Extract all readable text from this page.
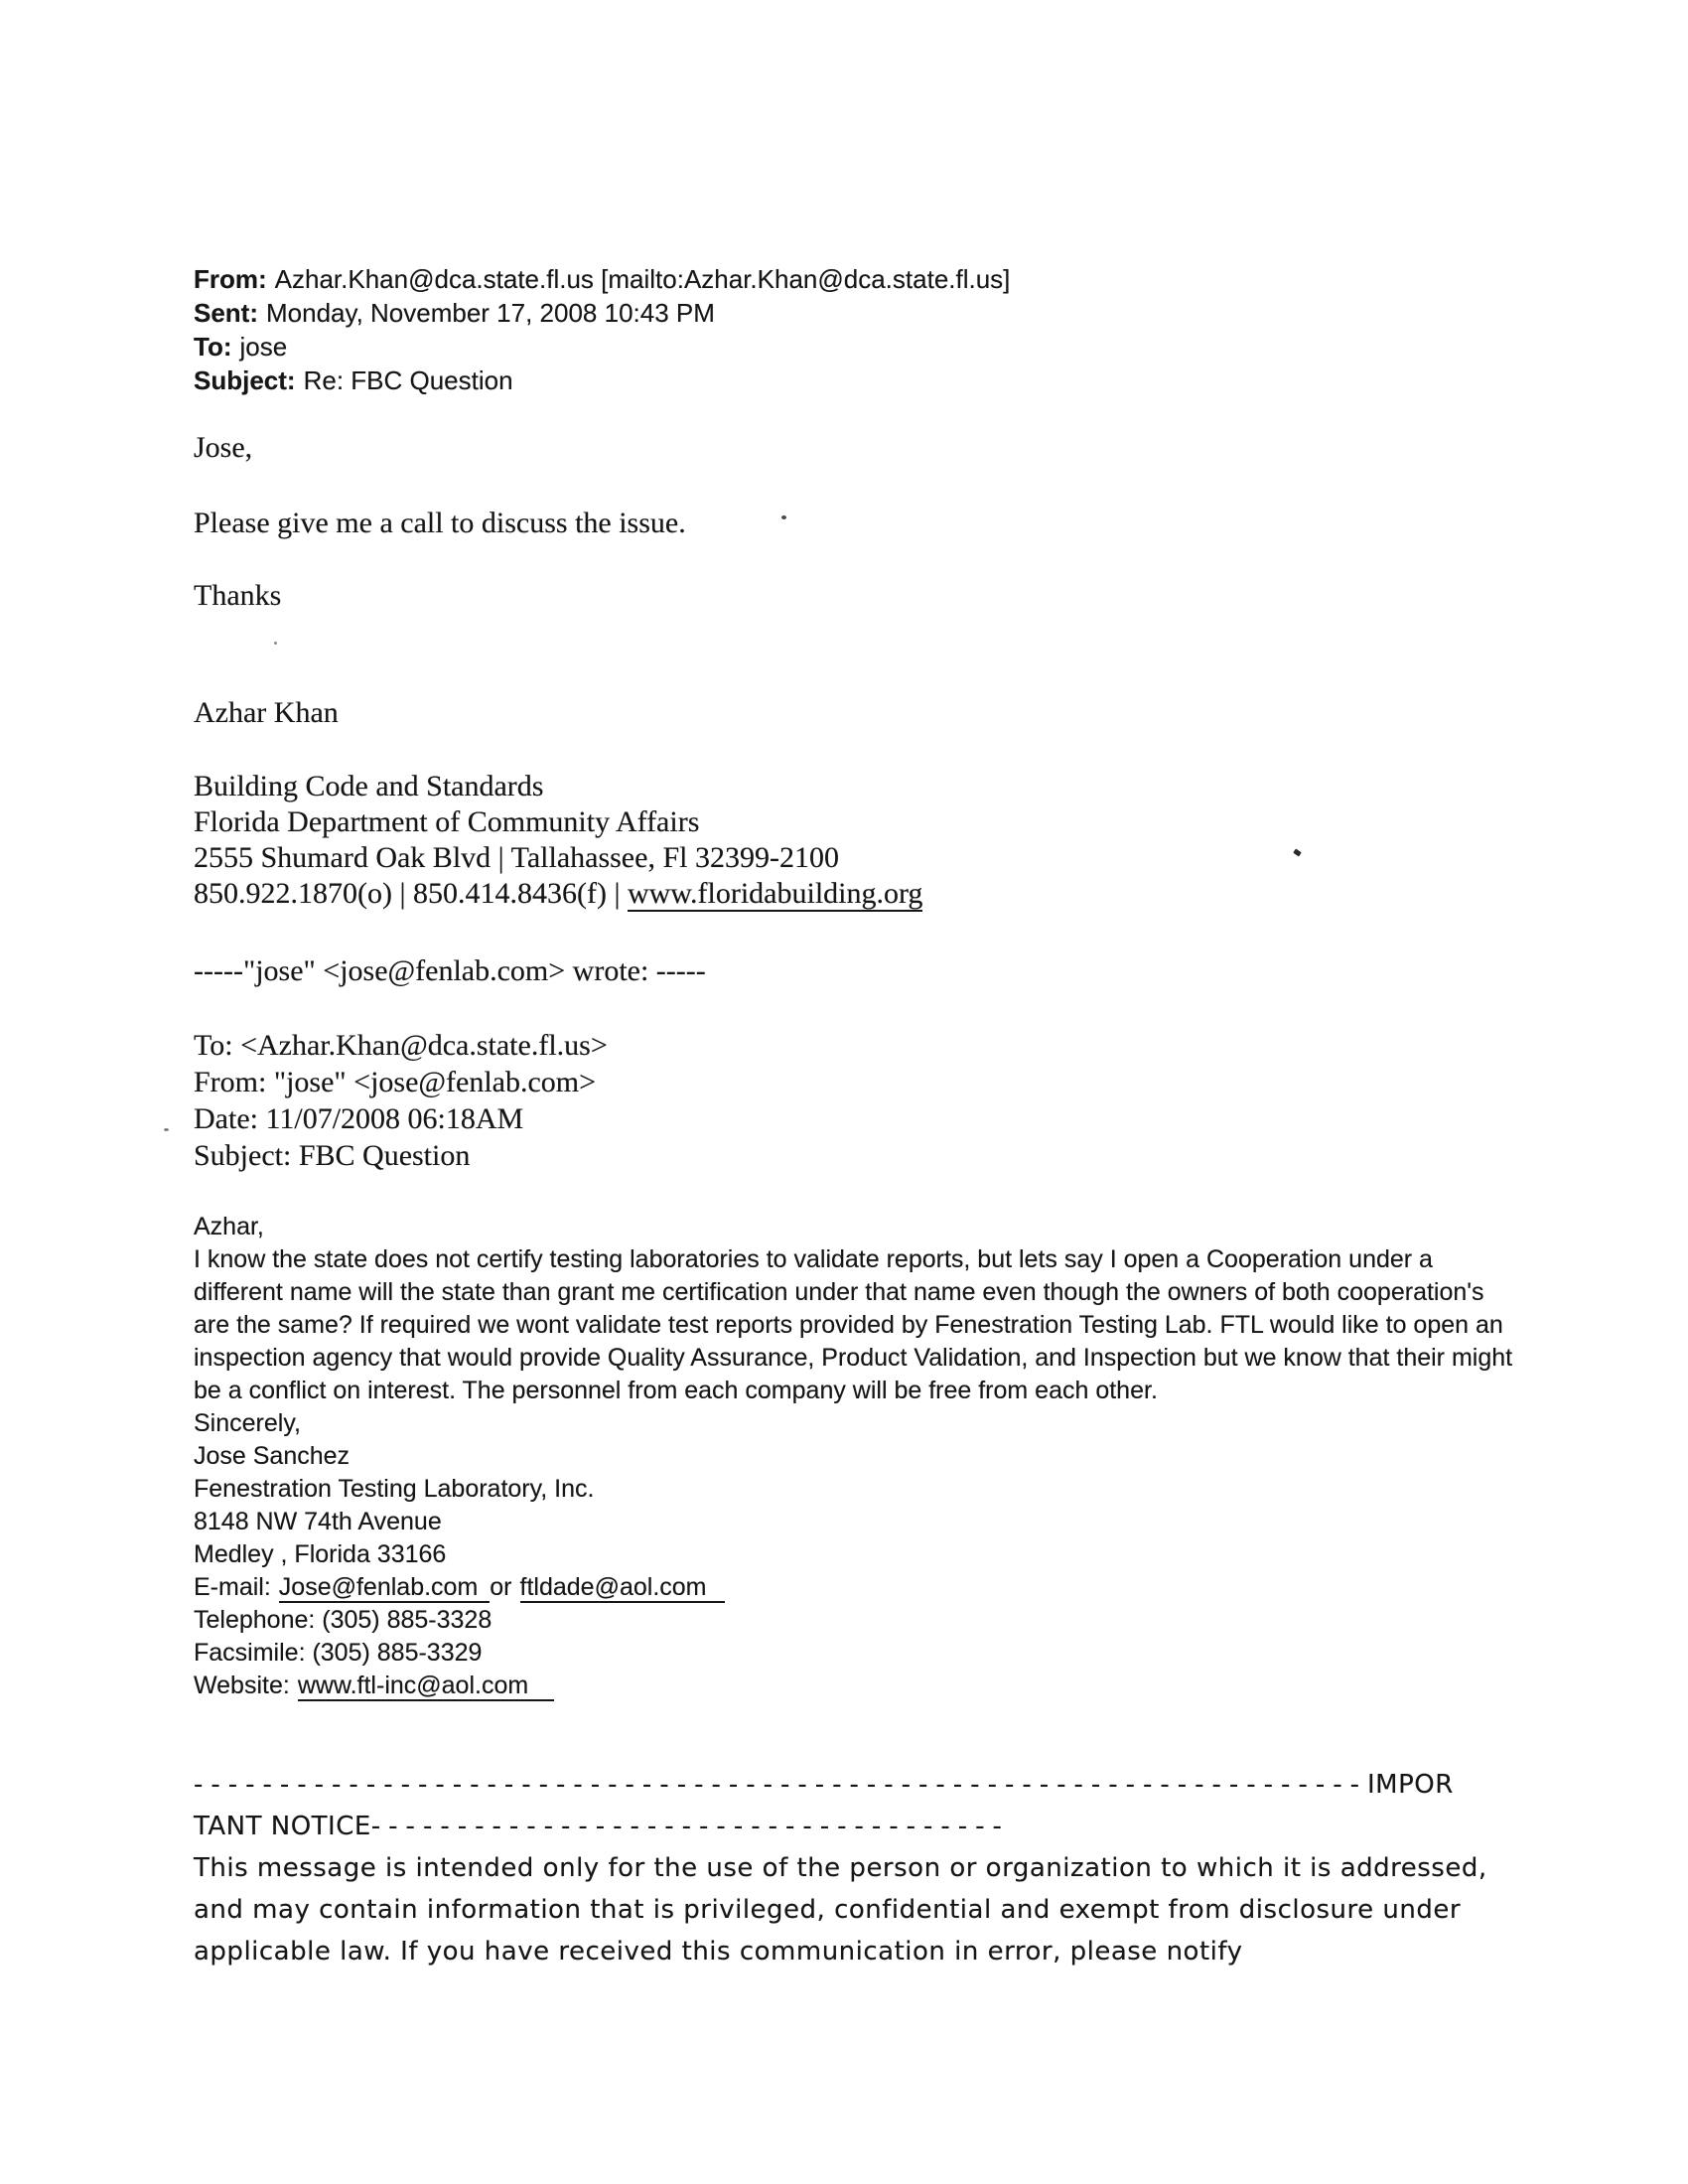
From: Azhar.Khan@dca.state.fl.us [mailto:Azhar.Khan@dca.state.fl.us]
Sent: Monday, November 17, 2008 10:43 PM
To: jose
Subject: Re: FBC Question
Jose,
Please give me a call to discuss the issue.
Thanks
Azhar Khan
Building Code and Standards
Florida Department of Community Affairs
2555 Shumard Oak Blvd | Tallahassee, Fl 32399-2100
850.922.1870(o) | 850.414.8436(f) | www.floridabuilding.org
-----"jose" <jose@fenlab.com> wrote: -----
To: <Azhar.Khan@dca.state.fl.us>
From: "jose" <jose@fenlab.com>
Date: 11/07/2008 06:18AM
Subject: FBC Question
Azhar,
I know the state does not certify testing laboratories to validate reports, but lets say I open a Cooperation under a different name will the state than grant me certification under that name even though the owners of both cooperation's are the same? If required we wont validate test reports provided by Fenestration Testing Lab. FTL would like to open an inspection agency that would provide Quality Assurance, Product Validation, and Inspection but we know that their might be a conflict on interest. The personnel from each company will be free from each other.
Sincerely,
Jose Sanchez
Fenestration Testing Laboratory, Inc.
8148 NW 74th Avenue
Medley , Florida 33166
E-mail: Jose@fenlab.com or ftldade@aol.com
Telephone: (305) 885-3328
Facsimile: (305) 885-3329
Website: www.ftl-inc@aol.com
--------------------------------------------------------------------IMPOR
TANT NOTICE-------------------------------------
This message is intended only for the use of the person or organization to which it is addressed, and may contain information that is privileged, confidential and exempt from disclosure under applicable law. If you have received this communication in error, please notify
